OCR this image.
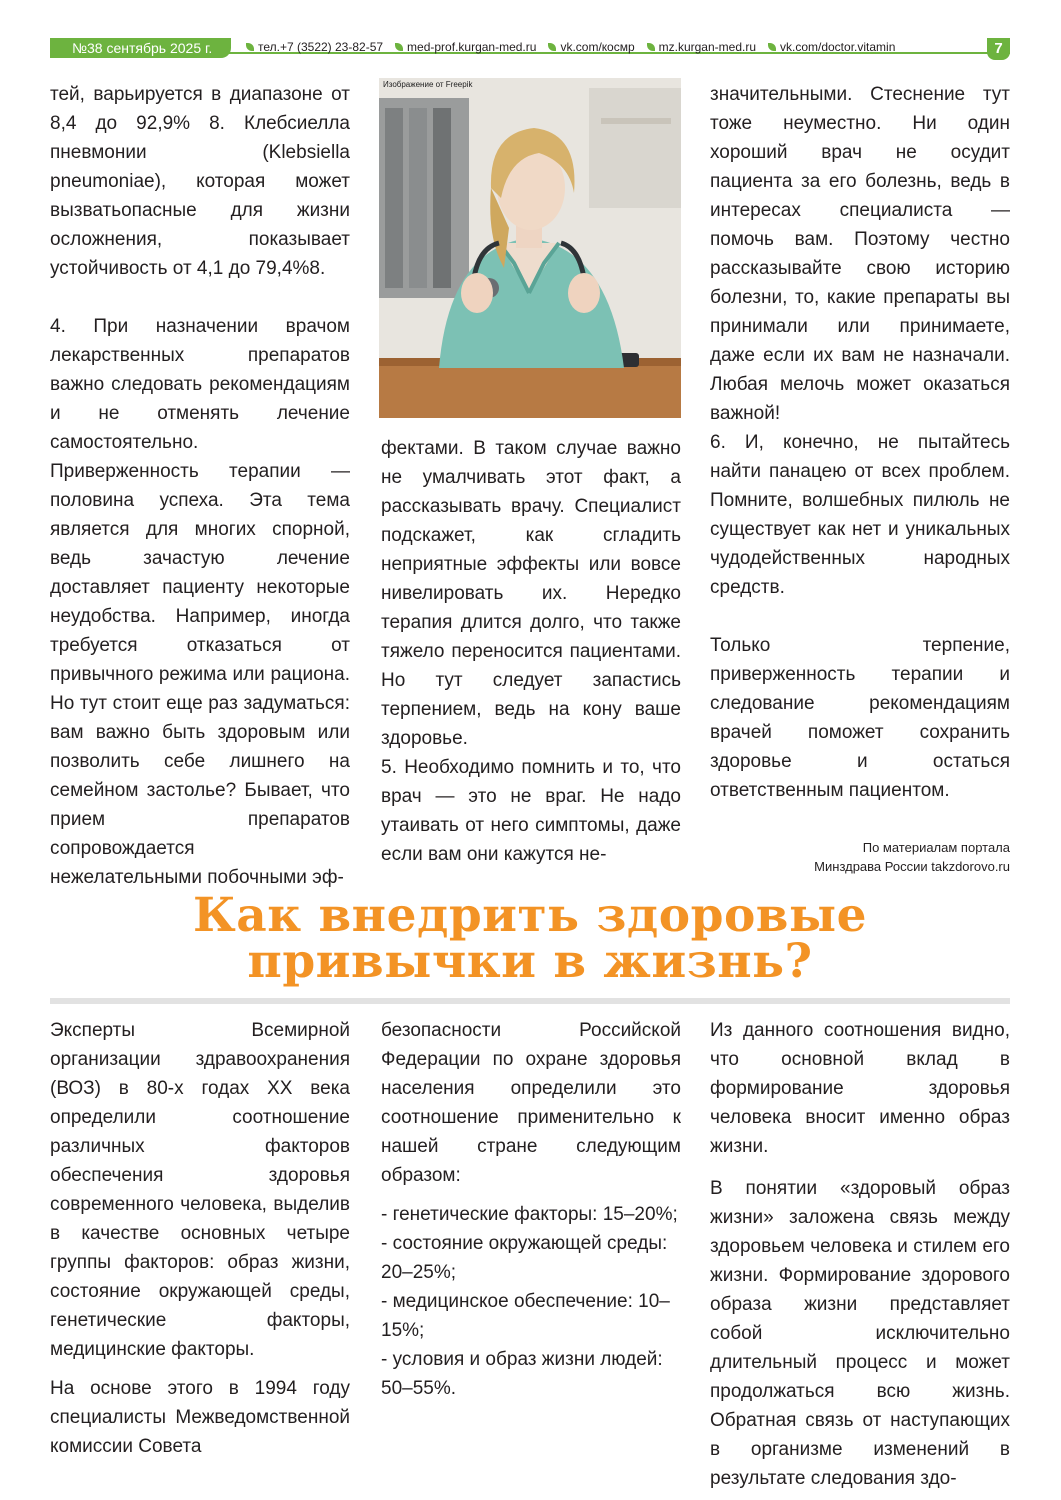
№38 сентябрь 2025 г.	тел.+7 (3522) 23-82-57 med-prof.kurgan-med.ru vk.com/кocмp mz.kurgan-med.ru vk.com/doctor.vitamin	7

тей, варьируется в диапазоне от 8,4 до 92,9% 8. Клебсиелла пневмонии (Klebsiella pneumoniae), которая может вызватьопасные для жизни осложнения, показывает устойчивость от 4,1 до 79,4%8.

4. При назначении врачом лекарственных препаратов важно следовать рекомендациям и не отменять лечение самостоятельно. Приверженность терапии — половина успеха. Эта тема является для многих спорной, ведь зачастую лечение доставляет пациенту некоторые неудобства. Например, иногда требуется отказаться от привычного режима или рациона. Но тут стоит еще раз задуматься: вам важно быть здоровым или позволить себе лишнего на семейном застолье? Бывает, что прием препаратов сопровождается нежелательными побочными эф-

Изображение от Freepik

фектами. В таком случае важно не умалчивать этот факт, а рассказывать врачу. Специалист подскажет, как сгладить неприятные эффекты или вовсе нивелировать их. Нередко терапия длится долго, что также тяжело переносится пациентами. Но тут следует запастись терпением, ведь на кону ваше здоровье.

5. Необходимо помнить и то, что врач — это не враг. Не надо утаивать от него симптомы, даже если вам они кажутся не-

значительными. Стеснение тут тоже неуместно. Ни один хороший врач не осудит пациента за его болезнь, ведь в интересах специалиста — помочь вам. Поэтому честно рассказывайте свою историю болезни, то, какие препараты вы принимали или принимаете, даже если их вам не назначали. Любая мелочь может оказаться важной!

6. И, конечно, не пытайтесь найти панацею от всех проблем. Помните, волшебных пилюль не существует как нет и уникальных чудодейственных народных средств.

Только терпение, приверженность терапии и следование рекомендациям врачей поможет сохранить здоровье и остаться ответственным пациентом.

По материалам портала
Минздрава России takzdorovo.ru
Как внедрить здоровые
привычки в жизнь?

Эксперты Всемирной организации здравоохранения (ВОЗ) в 80-х годах XX века определили соотношение различных факторов обеспечения здоровья современного человека, выделив в качестве основных четыре группы факторов: образ жизни, состояние окружающей среды, генетические факторы, медицинские факторы.

На основе этого в 1994 году специалисты Межведомственной комиссии Совета

безопасности Российской Федерации по охране здоровья населения определили это соотношение применительно к нашей стране следующим образом:

- генетические факторы: 15–20%;

- состояние окружающей среды: 20–25%;

- медицинское обеспечение: 10–15%;

- условия и образ жизни людей: 50–55%.

Из данного соотношения видно, что основной вклад в формирование здоровья человека вносит именно образ жизни.

В понятии «здоровый образ жизни» заложена связь между здоровьем человека и стилем его жизни. Формирование здорового образа жизни представляет собой исключительно длительный процесс и может продолжаться всю жизнь. Обратная связь от наступающих в организме изменений в результате следования здо-
